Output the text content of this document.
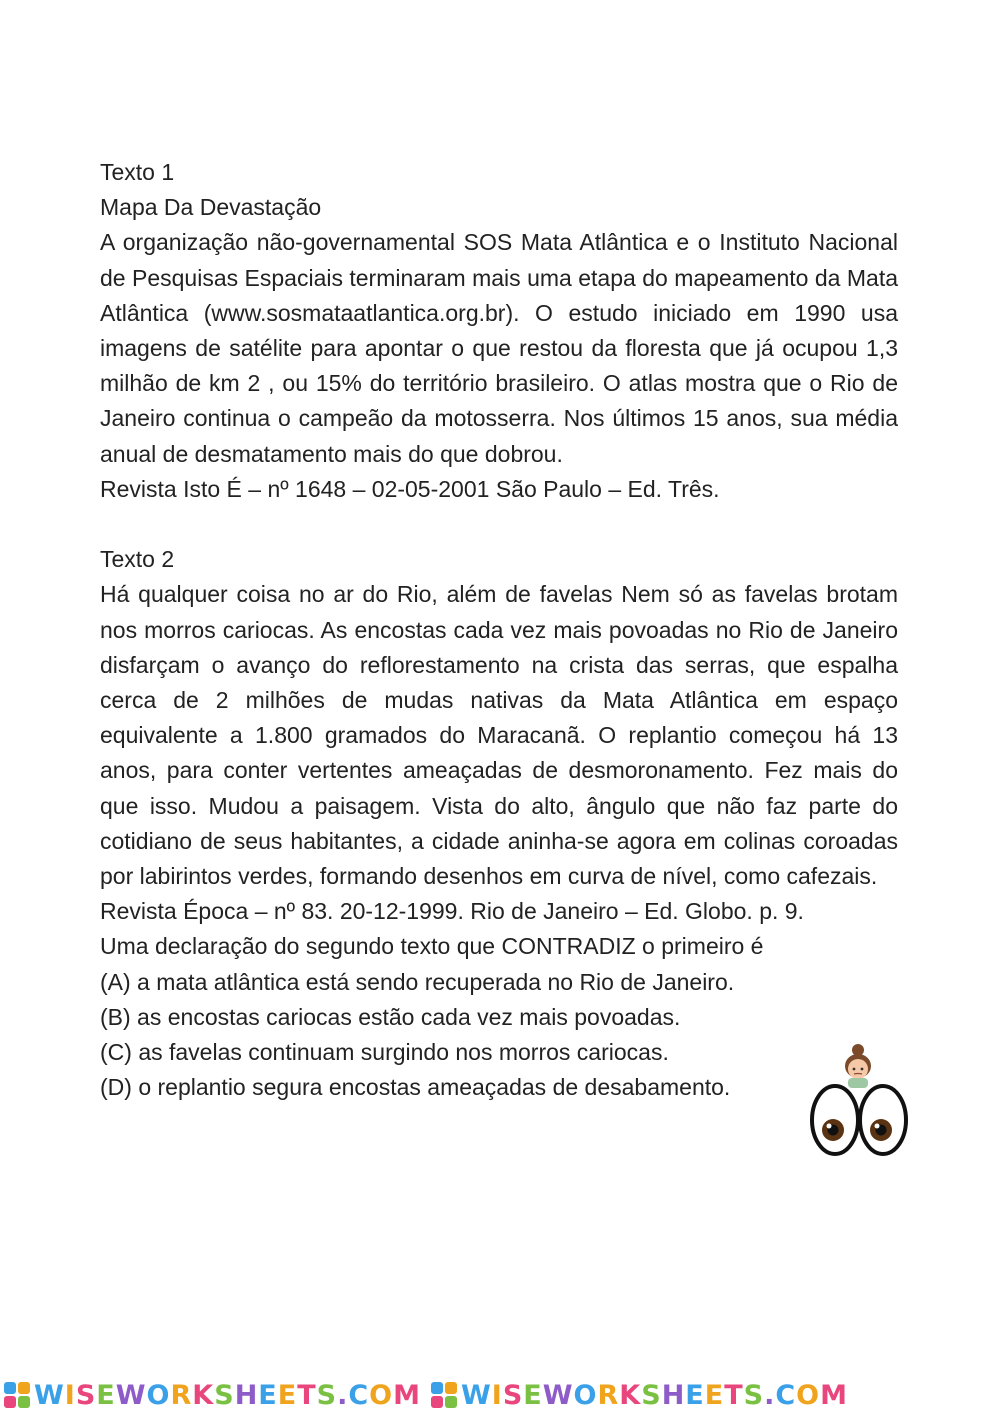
Texto 1

Mapa Da Devastação

A organização não-governamental SOS Mata Atlântica e o Instituto Nacional de Pesquisas Espaciais terminaram mais uma etapa do mapeamento da Mata Atlântica (www.sosmataatlantica.org.br). O estudo iniciado em 1990 usa imagens de satélite para apontar o que restou da floresta que já ocupou 1,3 milhão de km 2 , ou 15% do território brasileiro. O atlas mostra que o Rio de Janeiro continua o campeão da motosserra. Nos últimos 15 anos, sua média anual de desmatamento mais do que dobrou.

Revista Isto É – nº 1648 – 02-05-2001 São Paulo – Ed. Três.

Texto 2

Há qualquer coisa no ar do Rio, além de favelas Nem só as favelas brotam nos morros cariocas. As encostas cada vez mais povoadas no Rio de Janeiro disfarçam o avanço do reflorestamento na crista das serras, que espalha cerca de 2 milhões de mudas nativas da Mata Atlântica em espaço equivalente a 1.800 gramados do Maracanã. O replantio começou há 13 anos, para conter vertentes ameaçadas de desmoronamento. Fez mais do que isso. Mudou a paisagem. Vista do alto, ângulo que não faz parte do cotidiano de seus habitantes, a cidade aninha-se agora em colinas coroadas por labirintos verdes, formando desenhos em curva de nível, como cafezais.

Revista Época – nº 83. 20-12-1999. Rio de Janeiro – Ed. Globo. p. 9.

Uma declaração do segundo texto que CONTRADIZ o primeiro é

(A) a mata atlântica está sendo recuperada no Rio de Janeiro.

(B) as encostas cariocas estão cada vez mais povoadas.

(C) as favelas continuam surgindo nos morros cariocas.

(D) o replantio segura encostas ameaçadas de desabamento.

WISEWORKSHEETS.COM WISEWORKSHEETS.COM
